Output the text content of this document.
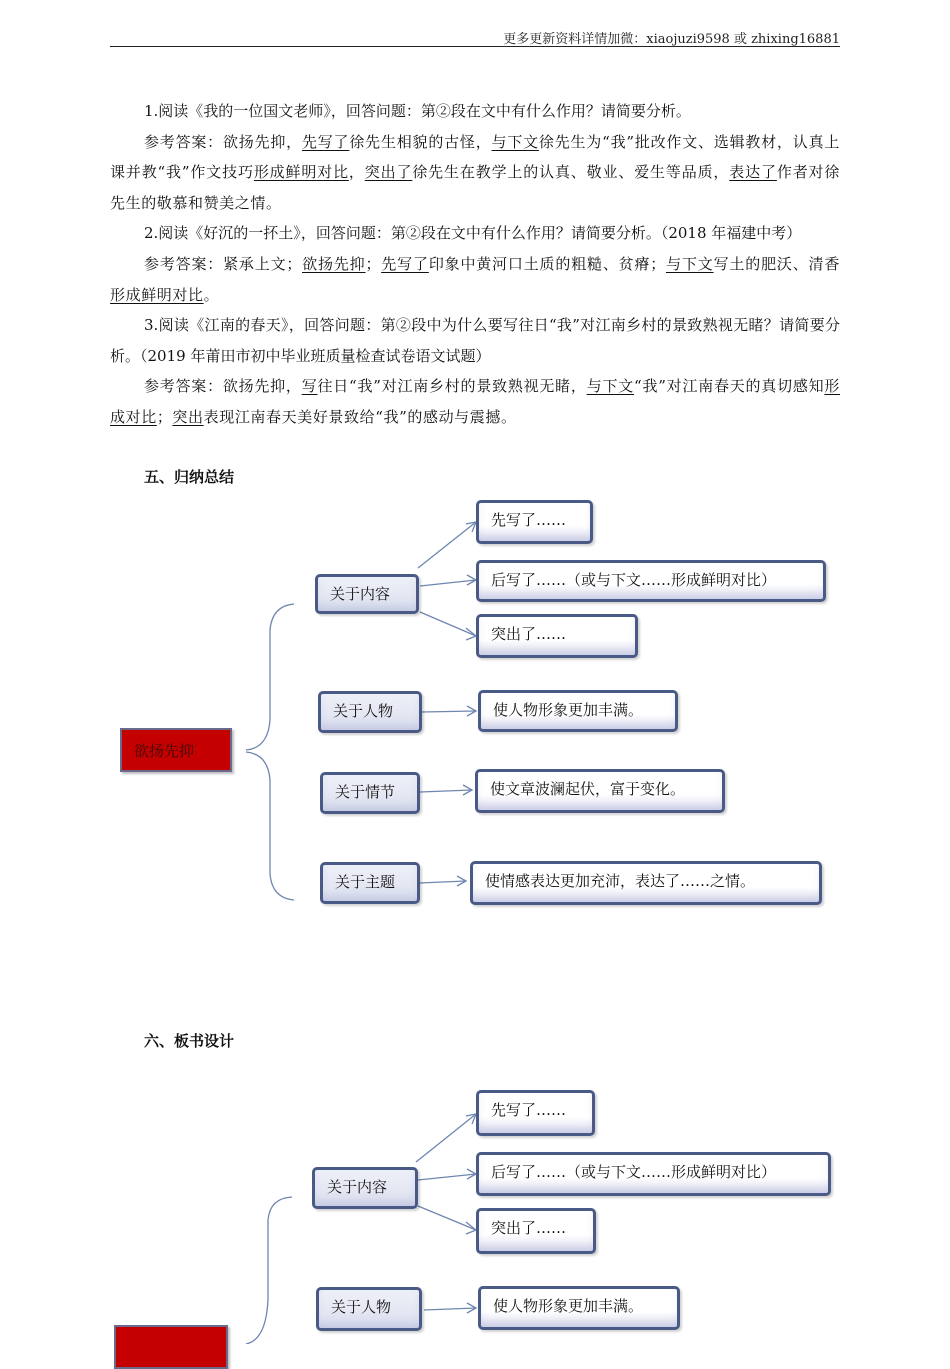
更多更新资料详情加微：xiaojuzi9598 或 zhixing16881

1.阅读《我的一位国文老师》，回答问题：第②段在文中有什么作用？请简要分析。

参考答案：欲扬先抑，先写了徐先生相貌的古怪，与下文徐先生为“我”批改作文、选辑教材，认真上课并教“我”作文技巧形成鲜明对比，突出了徐先生在教学上的认真、敬业、爱生等品质，表达了作者对徐先生的敬慕和赞美之情。

2.阅读《好沉的一抔土》，回答问题：第②段在文中有什么作用？请简要分析。（2018 年福建中考）

参考答案：紧承上文；欲扬先抑；先写了印象中黄河口土质的粗糙、贫瘠；与下文写土的肥沃、清香形成鲜明对比。

3.阅读《江南的春天》，回答问题：第②段中为什么要写往日“我”对江南乡村的景致熟视无睹？请简要分析。（2019 年莆田市初中毕业班质量检查试卷语文试题）

参考答案：欲扬先抑，写往日“我”对江南乡村的景致熟视无睹，与下文“我”对江南春天的真切感知形成对比；突出表现江南春天美好景致给“我”的感动与震撼。

五、归纳总结
欲扬先抑
关于内容
先写了……
后写了……（或与下文……形成鲜明对比）
突出了……
关于人物	使人物形象更加丰满。
关于情节	使文章波澜起伏，富于变化。
关于主题	使情感表达更加充沛，表达了……之情。
六、板书设计
关于内容
先写了……
后写了……（或与下文……形成鲜明对比）
突出了……
关于人物	使人物形象更加丰满。
